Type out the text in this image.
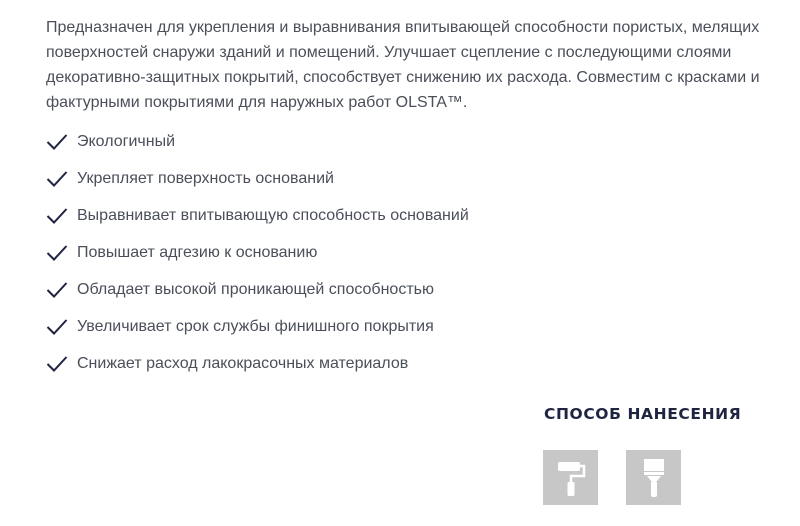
Предназначен для укрепления и выравнивания впитывающей способности пористых, мелящих поверхностей снаружи зданий и помещений. Улучшает сцепление с последующими слоями декоративно-защитных покрытий, способствует снижению их расхода. Совместим с красками и фактурными покрытиями для наружных работ OLSTA™.

Экологичный
Укрепляет поверхность оснований
Выравнивает впитывающую способность оснований
Повышает адгезию к основанию
Обладает высокой проникающей способностью
Увеличивает срок службы финишного покрытия
Снижает расход лакокрасочных материалов
СПОСОБ НАНЕСЕНИЯ
